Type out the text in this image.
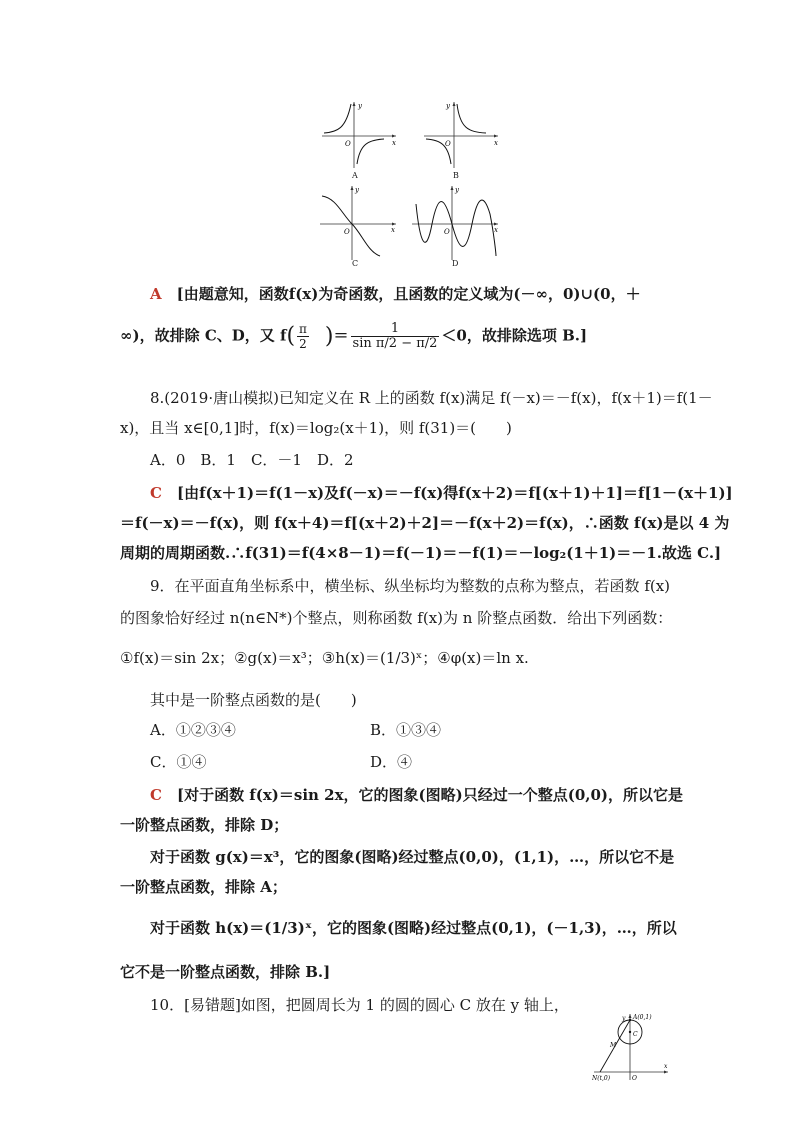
y
x
O
y
x
O
y
x
O
y
x
O
A	B
C	D
A　 [由题意知，函数f(x)为奇函数，且函数的定义域为(－∞，0)∪(0，＋
∞)，故排除 C、D，又 $f( \frac{\pi}{2}$ )＝ $\frac{1}{\text{sin π/2 − π/2}} <0$，故排除选项 B.]
8.(2019·唐山模拟)已知定义在 R 上的函数 f(x)满足 f(－x)＝－f(x)，f(x＋1)＝f(1－
x)，且当 x∈[0,1]时，f(x)＝log₂(x＋1)，则 f(31)＝(　　)
A．0　B．1　C．－1　D．2
C　 [由f(x＋1)＝f(1－x)及f(－x)＝－f(x)得f(x＋2)＝f[(x＋1)＋1]＝f[1－(x＋1)]
＝f(－x)＝－f(x)，则 f(x＋4)＝f[(x＋2)＋2]＝－f(x＋2)＝f(x)，∴函数 f(x)是以 4 为
周期的周期函数.∴f(31)＝f(4×8－1)＝f(－1)＝－f(1)＝－log₂(1＋1)＝－1.故选 C.]
9．在平面直角坐标系中，横坐标、纵坐标均为整数的点称为整点，若函数 f(x)
的图象恰好经过 n(n∈N*)个整点，则称函数 f(x)为 n 阶整点函数．给出下列函数：
①f(x)＝sin 2x；②g(x)＝x³；③h(x)＝(1/3)ˣ；④φ(x)＝ln x.
其中是一阶整点函数的是(　　)
A．①②③④	B．①③④
C．①④	D．④
C　 [对于函数 f(x)＝sin 2x，它的图象(图略)只经过一个整点(0,0)，所以它是
一阶整点函数，排除 D；
对于函数 g(x)＝x³，它的图象(图略)经过整点(0,0)，(1,1)，…，所以它不是
一阶整点函数，排除 A；
对于函数 h(x)＝(1/3)ˣ，它的图象(图略)经过整点(0,1)，(－1,3)，…，所以
它不是一阶整点函数，排除 B.]
10．[易错题]如图，把圆周长为 1 的圆的圆心 C 放在 y 轴上，
y A(0,1)
C
M
N(t,0)	O
x
